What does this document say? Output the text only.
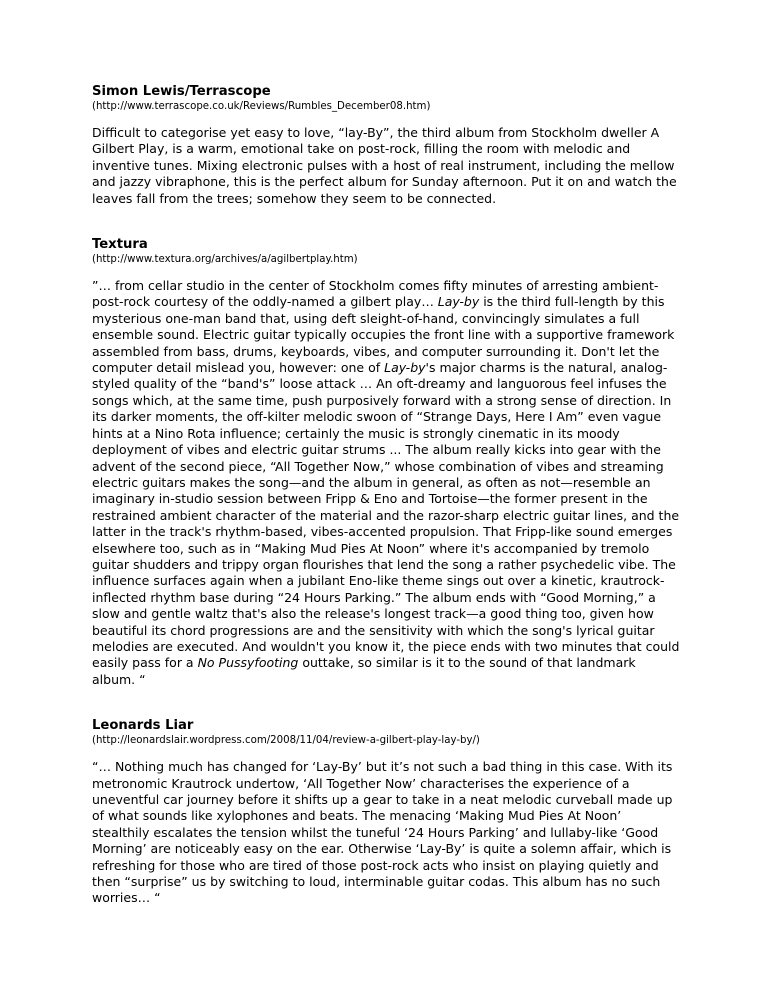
Simon Lewis/Terrascope

(http://www.terrascope.co.uk/Reviews/Rumbles_December08.htm)

Difficult to categorise yet easy to love, “lay-By”, the third album from Stockholm dweller A Gilbert Play, is a warm, emotional take on post-rock, filling the room with melodic and inventive tunes. Mixing electronic pulses with a host of real instrument, including the mellow and jazzy vibraphone, this is the perfect album for Sunday afternoon. Put it on and watch the leaves fall from the trees; somehow they seem to be connected.

Textura

(http://www.textura.org/archives/a/agilbertplay.htm)

”… from cellar studio in the center of Stockholm comes fifty minutes of arresting ambient-post-rock courtesy of the oddly-named a gilbert play… Lay-by is the third full-length by this mysterious one-man band that, using deft sleight-of-hand, convincingly simulates a full ensemble sound. Electric guitar typically occupies the front line with a supportive framework assembled from bass, drums, keyboards, vibes, and computer surrounding it. Don't let the computer detail mislead you, however: one of Lay-by's major charms is the natural, analog-styled quality of the “band's” loose attack … An oft-dreamy and languorous feel infuses the songs which, at the same time, push purposively forward with a strong sense of direction. In its darker moments, the off-kilter melodic swoon of “Strange Days, Here I Am” even vague hints at a Nino Rota influence; certainly the music is strongly cinematic in its moody deployment of vibes and electric guitar strums ... The album really kicks into gear with the advent of the second piece, “All Together Now,” whose combination of vibes and streaming electric guitars makes the song—and the album in general, as often as not—resemble an imaginary in-studio session between Fripp & Eno and Tortoise—the former present in the restrained ambient character of the material and the razor-sharp electric guitar lines, and the latter in the track's rhythm-based, vibes-accented propulsion. That Fripp-like sound emerges elsewhere too, such as in “Making Mud Pies At Noon” where it's accompanied by tremolo guitar shudders and trippy organ flourishes that lend the song a rather psychedelic vibe. The influence surfaces again when a jubilant Eno-like theme sings out over a kinetic, krautrock-inflected rhythm base during “24 Hours Parking.” The album ends with “Good Morning,” a slow and gentle waltz that's also the release's longest track—a good thing too, given how beautiful its chord progressions are and the sensitivity with which the song's lyrical guitar melodies are executed. And wouldn't you know it, the piece ends with two minutes that could easily pass for a No Pussyfooting outtake, so similar is it to the sound of that landmark album. “

Leonards Liar

(http://leonardslair.wordpress.com/2008/11/04/review-a-gilbert-play-lay-by/)

“… Nothing much has changed for ‘Lay-By’ but it’s not such a bad thing in this case. With its metronomic Krautrock undertow, ‘All Together Now’ characterises the experience of a uneventful car journey before it shifts up a gear to take in a neat melodic curveball made up of what sounds like xylophones and beats. The menacing ‘Making Mud Pies At Noon’ stealthily escalates the tension whilst the tuneful ‘24 Hours Parking’ and lullaby-like ‘Good Morning’ are noticeably easy on the ear. Otherwise ‘Lay-By’ is quite a solemn affair, which is refreshing for those who are tired of those post-rock acts who insist on playing quietly and then “surprise” us by switching to loud, interminable guitar codas. This album has no such worries… “
